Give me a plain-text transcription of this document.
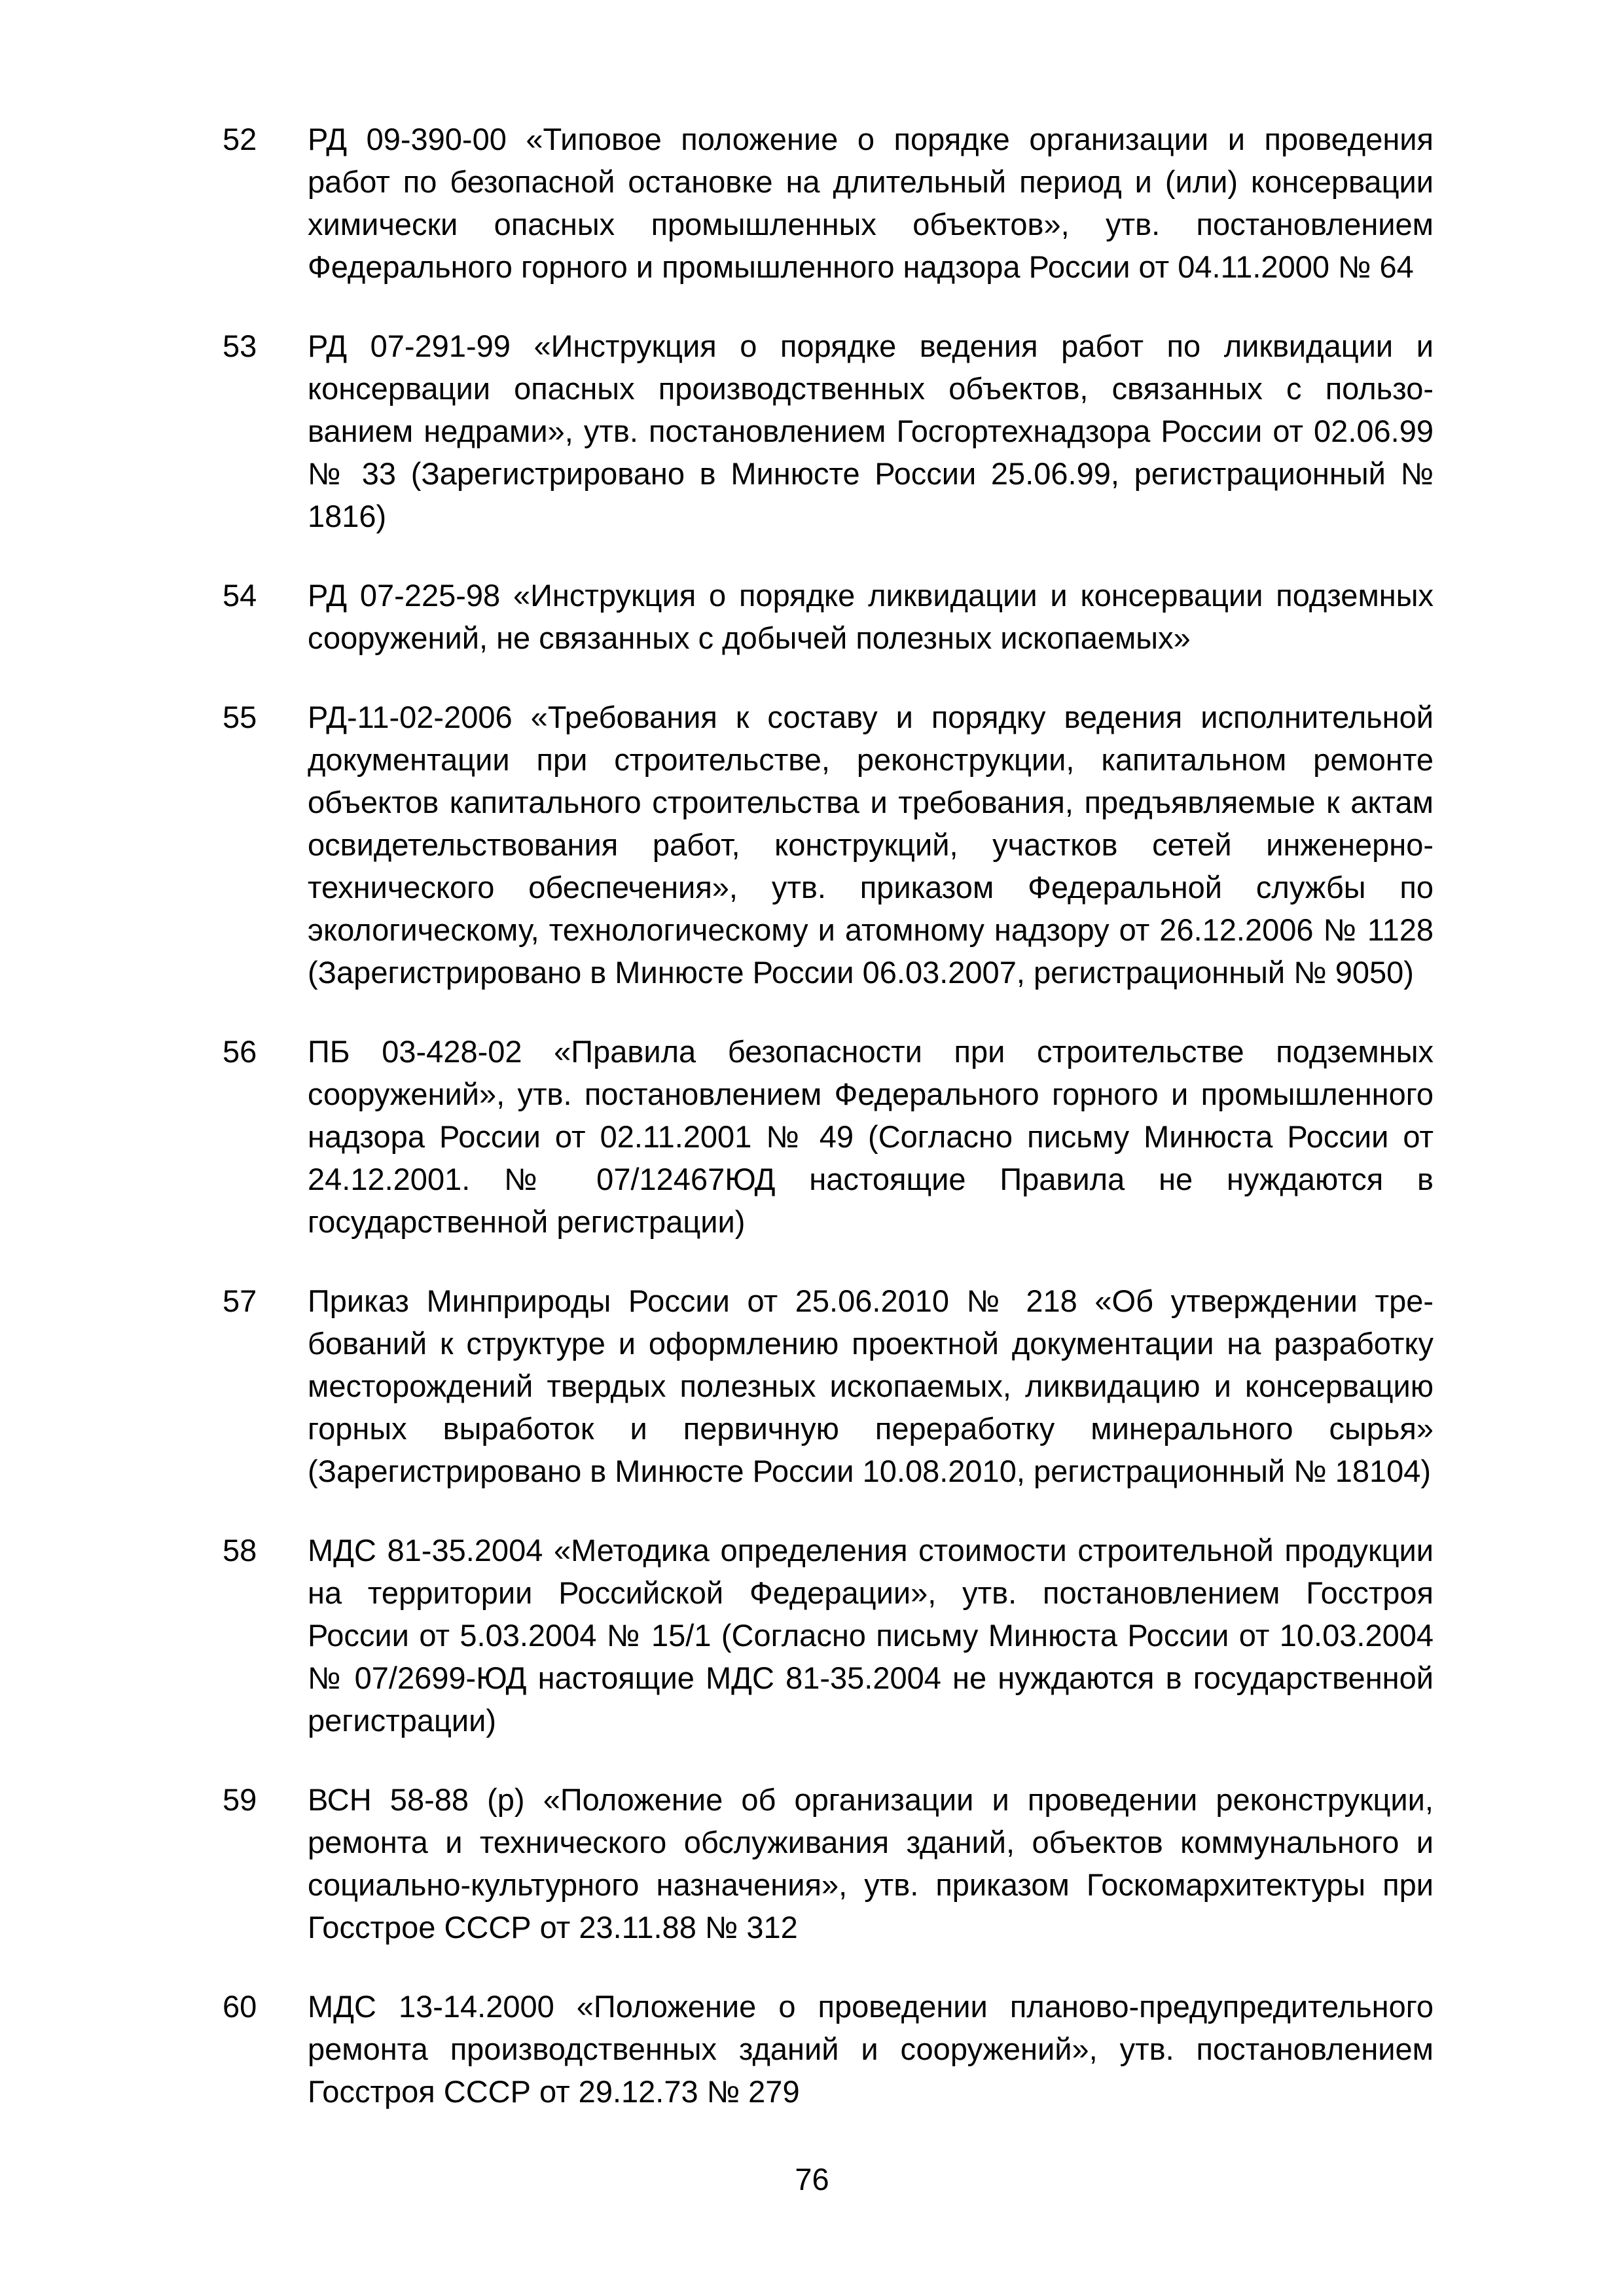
52	РД 09-390-00 «Типовое положение о порядке организации и проведения работ по безопасной остановке на длительный период и (или) консервации химически опасных промышленных объектов», утв. постановлением Федерального горного и промышленного надзора России от 04.11.2000 № 64
53	РД 07-291-99 «Инструкция о порядке ведения работ по ликвидации и консервации опасных производственных объектов, связанных с пользованием недрами», утв. постановлением Госгортехнадзора России от 02.06.99 № 33 (Зарегистрировано в Минюсте России 25.06.99, регистрационный № 1816)
54	РД 07-225-98 «Инструкция о порядке ликвидации и консервации подземных сооружений, не связанных с добычей полезных ископаемых»
55	РД-11-02-2006 «Требования к составу и порядку ведения исполнительной документации при строительстве, реконструкции, капитальном ремонте объектов капитального строительства и требования, предъявляемые к актам освидетельствования работ, конструкций, участков сетей инженерно-технического обеспечения», утв. приказом Федеральной службы по экологическому, технологическому и атомному надзору от 26.12.2006 № 1128 (Зарегистрировано в Минюсте России 06.03.2007, регистрационный № 9050)
56	ПБ 03-428-02 «Правила безопасности при строительстве подземных сооружений», утв. постановлением Федерального горного и промышленного надзора России от 02.11.2001 № 49 (Согласно письму Минюста России от 24.12.2001. № 07/12467ЮД настоящие Правила не нуждаются в государственной регистрации)
57	Приказ Минприроды России от 25.06.2010 № 218 «Об утверждении требований к структуре и оформлению проектной документации на разработку месторождений твердых полезных ископаемых, ликвидацию и консервацию горных выработок и первичную переработку минерального сырья» (Зарегистрировано в Минюсте России 10.08.2010, регистрационный № 18104)
58	МДС 81-35.2004 «Методика определения стоимости строительной продукции на территории Российской Федерации», утв. постановлением Госстроя России от 5.03.2004 № 15/1 (Согласно письму Минюста России от 10.03.2004 № 07/2699-ЮД настоящие МДС 81-35.2004 не нуждаются в государственной регистрации)
59	ВСН 58-88 (р) «Положение об организации и проведении реконструкции, ремонта и технического обслуживания зданий, объектов коммунального и социально-культурного назначения», утв. приказом Госкомархитектуры при Госстрое СССР от 23.11.88 № 312
60	МДС 13-14.2000 «Положение о проведении планово-предупредительного ремонта производственных зданий и сооружений», утв. постановлением Госстроя СССР от 29.12.73 № 279
76
